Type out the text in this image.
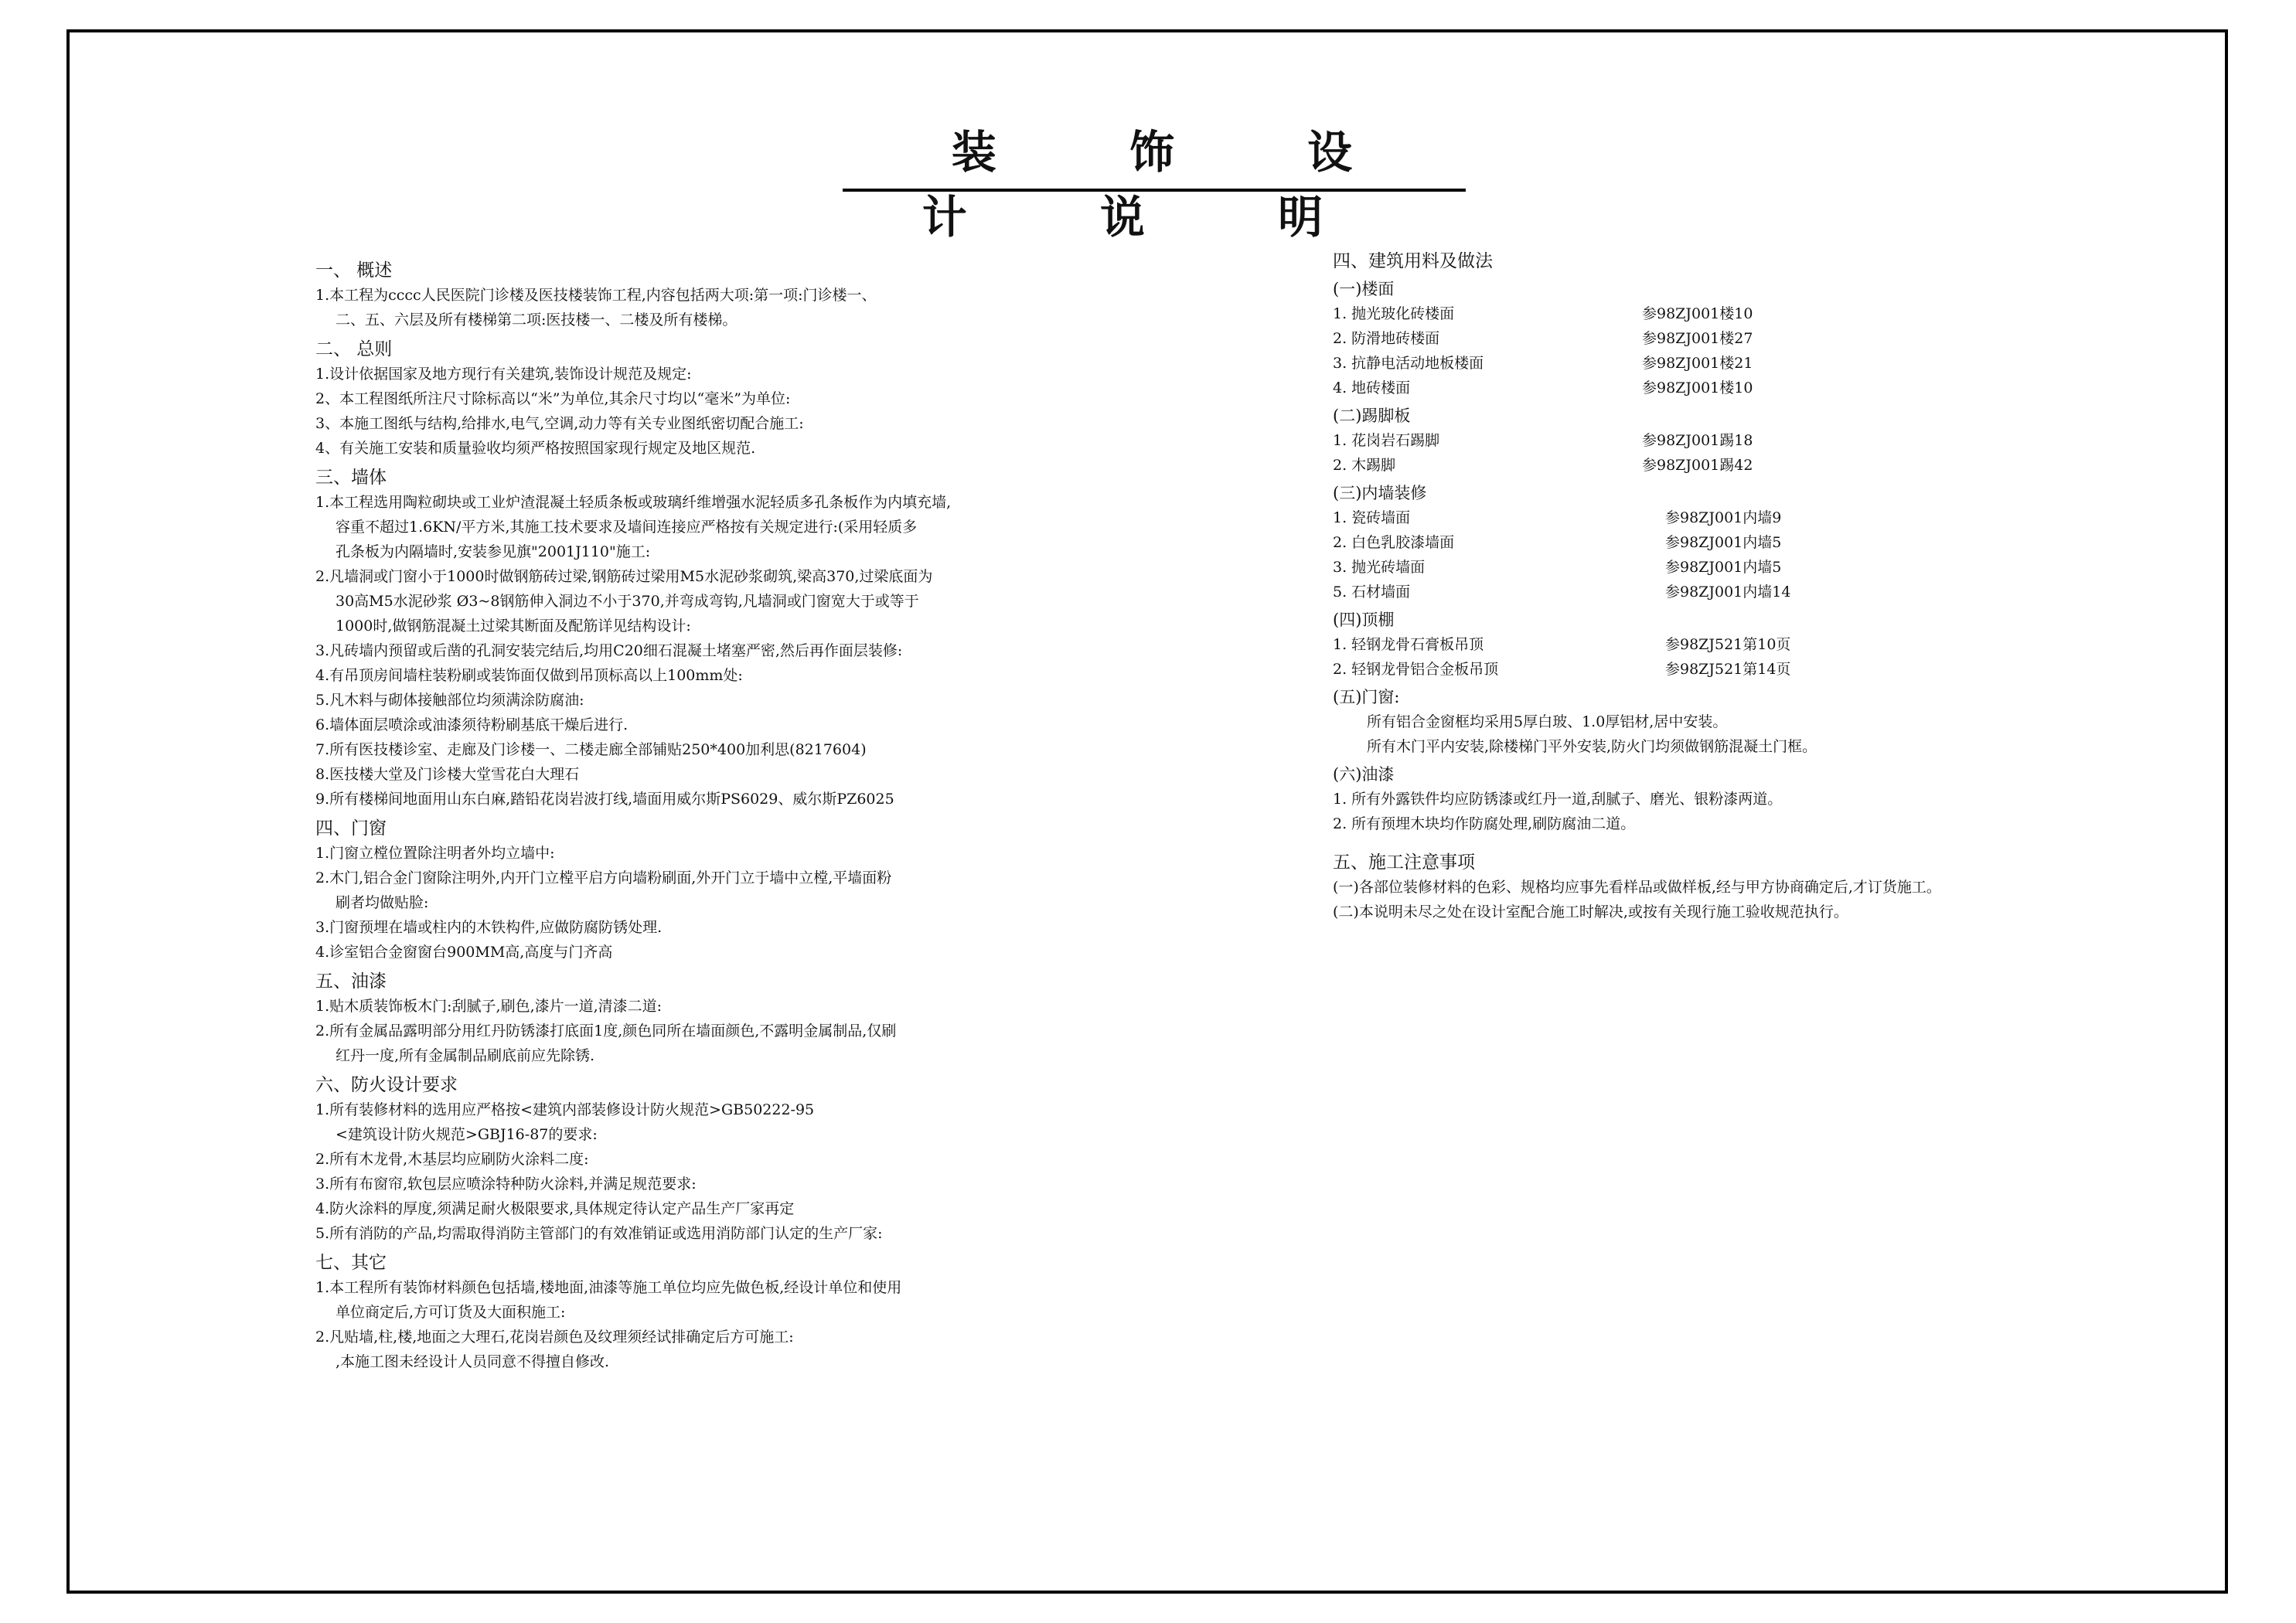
装 饰 设 计 说 明
一、 概述
1.本工程为cccc人民医院门诊楼及医技楼装饰工程,内容包括两大项:第一项:门诊楼一、
二、五、六层及所有楼梯第二项:医技楼一、二楼及所有楼梯。
二、 总则
1.设计依据国家及地方现行有关建筑,装饰设计规范及规定:
2、本工程图纸所注尺寸除标高以“米”为单位,其余尺寸均以“毫米”为单位:
3、本施工图纸与结构,给排水,电气,空调,动力等有关专业图纸密切配合施工:
4、有关施工安装和质量验收均须严格按照国家现行规定及地区规范.
三、墙体
1.本工程选用陶粒砌块或工业炉渣混凝土轻质条板或玻璃纤维增强水泥轻质多孔条板作为内填充墙,
容重不超过1.6KN/平方米,其施工技术要求及墙间连接应严格按有关规定进行:(采用轻质多
孔条板为内隔墙时,安装参见旗"2001J110"施工:
2.凡墙洞或门窗小于1000时做钢筋砖过梁,钢筋砖过梁用M5水泥砂浆砌筑,梁高370,过梁底面为
30高M5水泥砂浆 Ø3~8钢筋伸入洞边不小于370,并弯成弯钩,凡墙洞或门窗宽大于或等于
1000时,做钢筋混凝土过梁其断面及配筋详见结构设计:
3.凡砖墙内预留或后凿的孔洞安装完结后,均用C20细石混凝土堵塞严密,然后再作面层装修:
4.有吊顶房间墙柱装粉刷或装饰面仅做到吊顶标高以上100mm处:
5.凡木料与砌体接触部位均须满涂防腐油:
6.墙体面层喷涂或油漆须待粉刷基底干燥后进行.
7.所有医技楼诊室、走廊及门诊楼一、二楼走廊全部铺贴250*400加利思(8217604)
8.医技楼大堂及门诊楼大堂雪花白大理石
9.所有楼梯间地面用山东白麻,踏铅花岗岩波打线,墙面用威尔斯PS6029、威尔斯PZ6025
四、门窗
1.门窗立樘位置除注明者外均立墙中:
2.木门,铝合金门窗除注明外,内开门立樘平启方向墙粉刷面,外开门立于墙中立樘,平墙面粉
刷者均做贴脸:
3.门窗预埋在墙或柱内的木铁构件,应做防腐防锈处理.
4.诊室铝合金窗窗台900MM高,高度与门齐高
五、油漆
1.贴木质装饰板木门:刮腻子,刷色,漆片一道,清漆二道:
2.所有金属品露明部分用红丹防锈漆打底面1度,颜色同所在墙面颜色,不露明金属制品,仅刷
红丹一度,所有金属制品刷底前应先除锈.
六、防火设计要求
1.所有装修材料的选用应严格按<建筑内部装修设计防火规范>GB50222-95
<建筑设计防火规范>GBJ16-87的要求:
2.所有木龙骨,木基层均应刷防火涂料二度:
3.所有布窗帘,软包层应喷涂特种防火涂料,并满足规范要求:
4.防火涂料的厚度,须满足耐火极限要求,具体规定待认定产品生产厂家再定
5.所有消防的产品,均需取得消防主管部门的有效准销证或选用消防部门认定的生产厂家:
七、其它
1.本工程所有装饰材料颜色包括墙,楼地面,油漆等施工单位均应先做色板,经设计单位和使用
单位商定后,方可订货及大面积施工:
2.凡贴墙,柱,楼,地面之大理石,花岗岩颜色及纹理须经试排确定后方可施工:
,本施工图未经设计人员同意不得擅自修改.
四、建筑用料及做法
(一)楼面
1. 抛光玻化砖楼面	参98ZJ001楼10
2. 防滑地砖楼面	参98ZJ001楼27
3. 抗静电活动地板楼面	参98ZJ001楼21
4. 地砖楼面	参98ZJ001楼10
(二)踢脚板
1. 花岗岩石踢脚	参98ZJ001踢18
2. 木踢脚	参98ZJ001踢42
(三)内墙装修
1. 瓷砖墙面	参98ZJ001内墙9
2. 白色乳胶漆墙面	参98ZJ001内墙5
3. 抛光砖墙面	参98ZJ001内墙5
5. 石材墙面	参98ZJ001内墙14
(四)顶棚
1. 轻钢龙骨石膏板吊顶	参98ZJ521第10页
2. 轻钢龙骨铝合金板吊顶	参98ZJ521第14页
(五)门窗:
所有铝合金窗框均采用5厚白玻、1.0厚铝材,居中安装。
所有木门平内安装,除楼梯门平外安装,防火门均须做钢筋混凝土门框。
(六)油漆
1. 所有外露铁件均应防锈漆或红丹一道,刮腻子、磨光、银粉漆两道。
2. 所有预埋木块均作防腐处理,刷防腐油二道。
五、施工注意事项
(一)各部位装修材料的色彩、规格均应事先看样品或做样板,经与甲方协商确定后,才订货施工。
(二)本说明未尽之处在设计室配合施工时解决,或按有关现行施工验收规范执行。
